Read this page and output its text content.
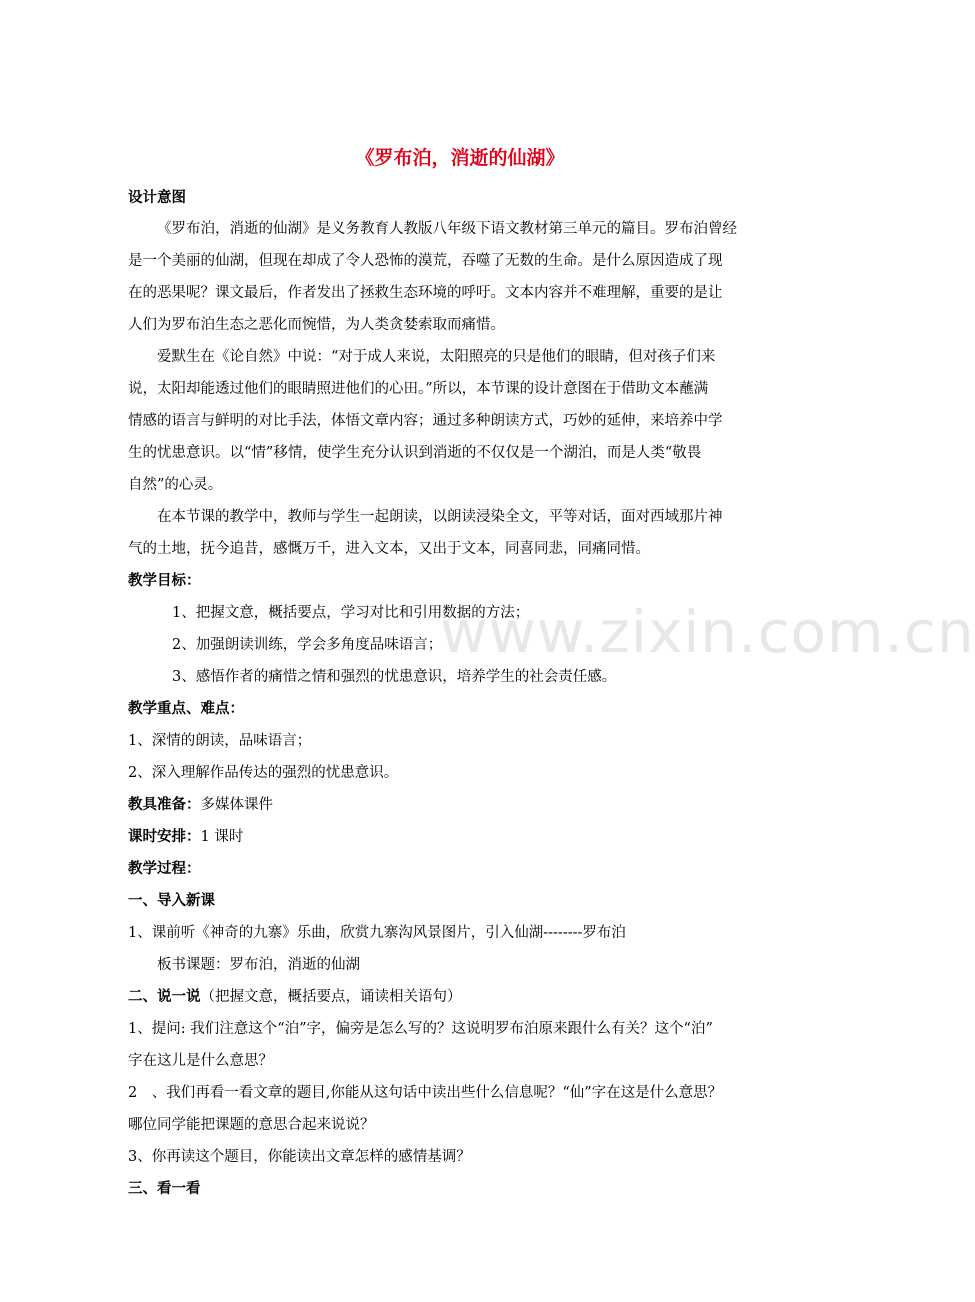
www.zixin.com.cn
《罗布泊，消逝的仙湖》
设计意图
《罗布泊，消逝的仙湖》是义务教育人教版八年级下语文教材第三单元的篇目。罗布泊曾经
是一个美丽的仙湖，但现在却成了令人恐怖的漠荒，吞噬了无数的生命。是什么原因造成了现
在的恶果呢？课文最后，作者发出了拯救生态环境的呼吁。文本内容并不难理解，重要的是让
人们为罗布泊生态之恶化而惋惜，为人类贪婪索取而痛惜。
爱默生在《论自然》中说：“对于成人来说，太阳照亮的只是他们的眼睛，但对孩子们来
说，太阳却能透过他们的眼睛照进他们的心田。”所以，本节课的设计意图在于借助文本蘸满
情感的语言与鲜明的对比手法，体悟文章内容；通过多种朗读方式，巧妙的延伸，来培养中学
生的忧患意识。以“情”移情，使学生充分认识到消逝的不仅仅是一个湖泊，而是人类“敬畏
自然”的心灵。
在本节课的教学中，教师与学生一起朗读，以朗读浸染全文，平等对话，面对西域那片神
气的土地，抚今追昔，感慨万千，进入文本，又出于文本，同喜同悲，同痛同惜。
教学目标：
1、把握文意，概括要点，学习对比和引用数据的方法；
2、加强朗读训练，学会多角度品味语言；
3、感悟作者的痛惜之情和强烈的忧患意识，培养学生的社会责任感。
教学重点、难点：
1、深情的朗读，品味语言；
2、深入理解作品传达的强烈的忧患意识。
教具准备：多媒体课件
课时安排：1 课时
教学过程：
一、导入新课
1、课前听《神奇的九寨》乐曲，欣赏九寨沟风景图片，引入仙湖--------罗布泊
板书课题：罗布泊，消逝的仙湖
二、说一说（把握文意，概括要点，诵读相关语句）
1、提问: 我们注意这个“泊”字，偏旁是怎么写的？这说明罗布泊原来跟什么有关？这个“泊”
字在这儿是什么意思？
2　、我们再看一看文章的题目,你能从这句话中读出些什么信息呢？“仙”字在这是什么意思？
哪位同学能把课题的意思合起来说说？
3、你再读这个题目，你能读出文章怎样的感情基调？
三、看一看
